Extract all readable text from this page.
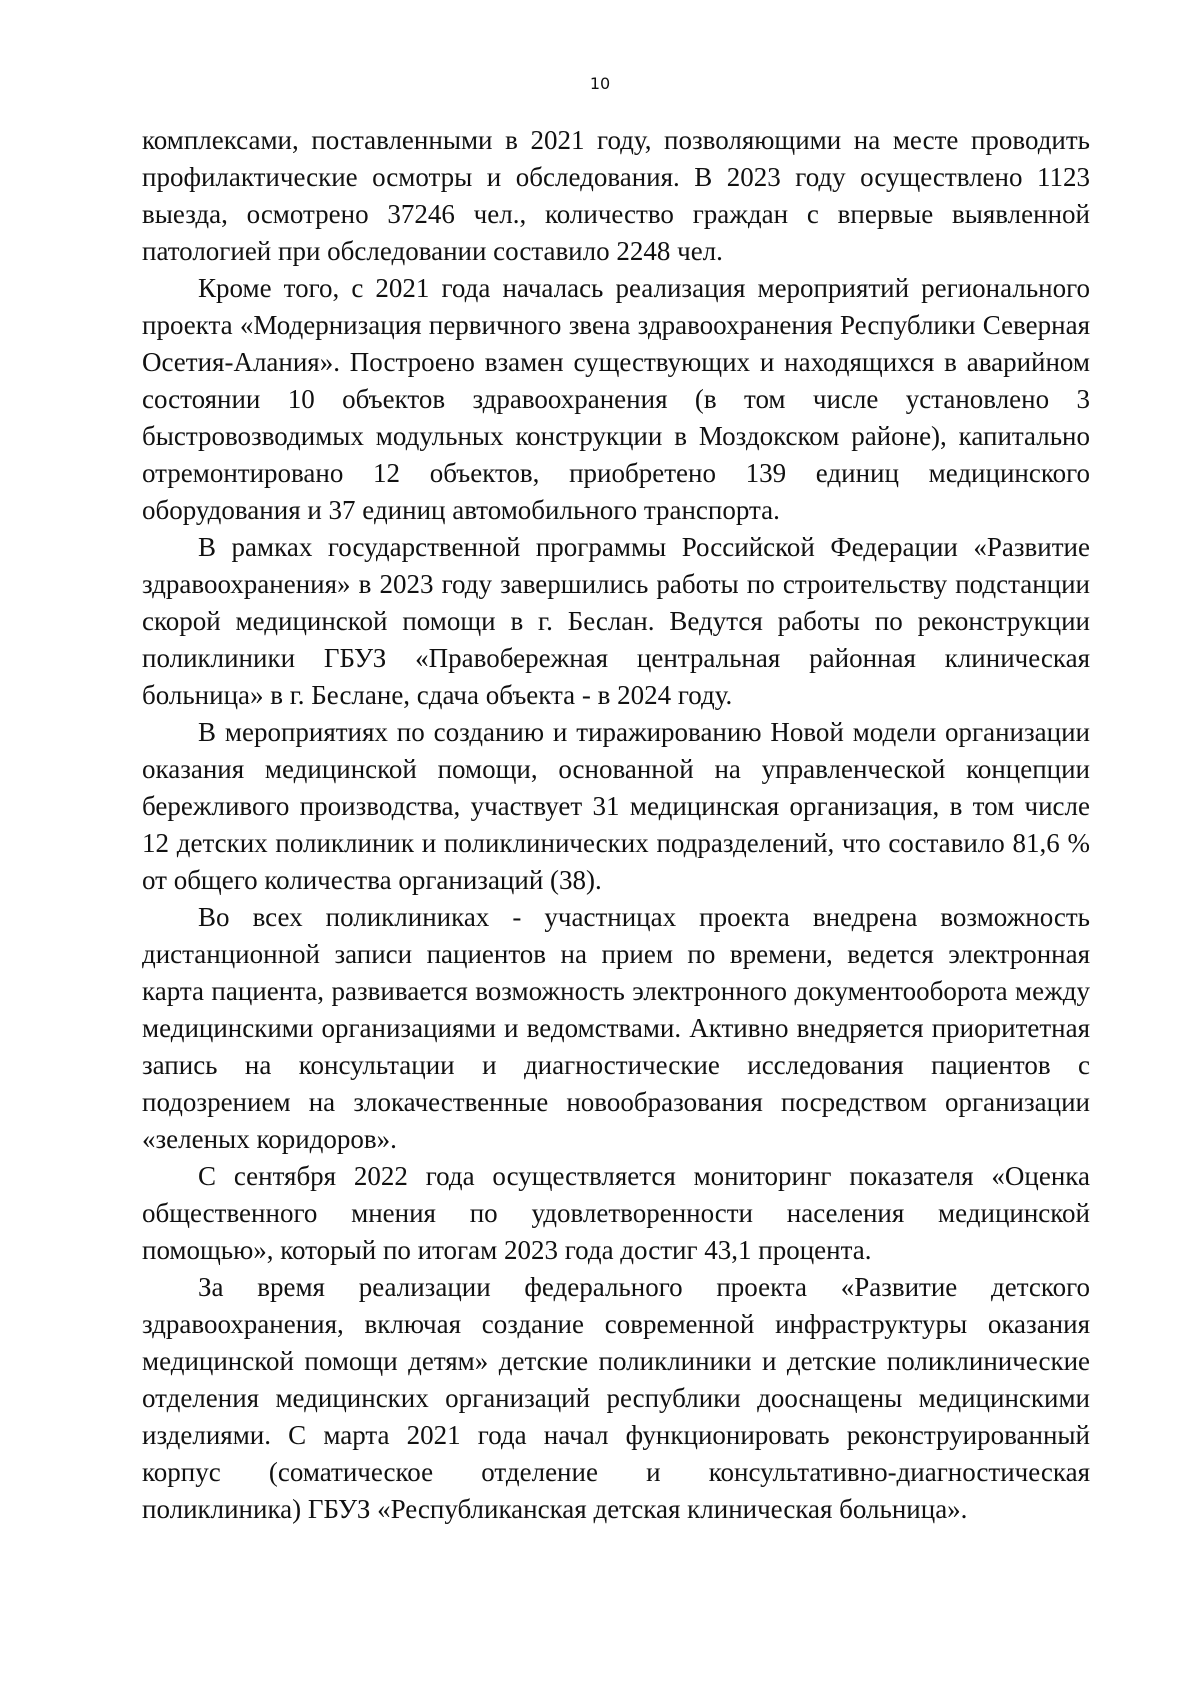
10

комплексами, поставленными в 2021 году, позволяющими на месте проводить профилактические осмотры и обследования. В 2023 году осуществлено 1123 выезда, осмотрено 37246 чел., количество граждан с впервые выявленной патологией при обследовании составило 2248 чел.

Кроме того, с 2021 года началась реализация мероприятий регионального проекта «Модернизация первичного звена здравоохранения Республики Северная Осетия-Алания». Построено взамен существующих и находящихся в аварийном состоянии 10 объектов здравоохранения (в том числе установлено 3 быстровозводимых модульных конструкции в Моздокском районе), капитально отремонтировано 12 объектов, приобретено 139 единиц медицинского оборудования и 37 единиц автомобильного транспорта.

В рамках государственной программы Российской Федерации «Развитие здравоохранения» в 2023 году завершились работы по строительству подстанции скорой медицинской помощи в г. Беслан. Ведутся работы по реконструкции поликлиники ГБУЗ «Правобережная центральная районная клиническая больница» в г. Беслане, сдача объекта - в 2024 году.

В мероприятиях по созданию и тиражированию Новой модели организации оказания медицинской помощи, основанной на управленческой концепции бережливого производства, участвует 31 медицинская организация, в том числе 12 детских поликлиник и поликлинических подразделений, что составило 81,6 % от общего количества организаций (38).

Во всех поликлиниках - участницах проекта внедрена возможность дистанционной записи пациентов на прием по времени, ведется электронная карта пациента, развивается возможность электронного документооборота между медицинскими организациями и ведомствами. Активно внедряется приоритетная запись на консультации и диагностические исследования пациентов с подозрением на злокачественные новообразования посредством организации «зеленых коридоров».

С сентября 2022 года осуществляется мониторинг показателя «Оценка общественного мнения по удовлетворенности населения медицинской помощью», который по итогам 2023 года достиг 43,1 процента.

За время реализации федерального проекта «Развитие детского здравоохранения, включая создание современной инфраструктуры оказания медицинской помощи детям» детские поликлиники и детские поликлинические отделения медицинских организаций республики дооснащены медицинскими изделиями. С марта 2021 года начал функционировать реконструированный корпус (соматическое отделение и консультативно-диагностическая поликлиника) ГБУЗ «Республиканская детская клиническая больница».
